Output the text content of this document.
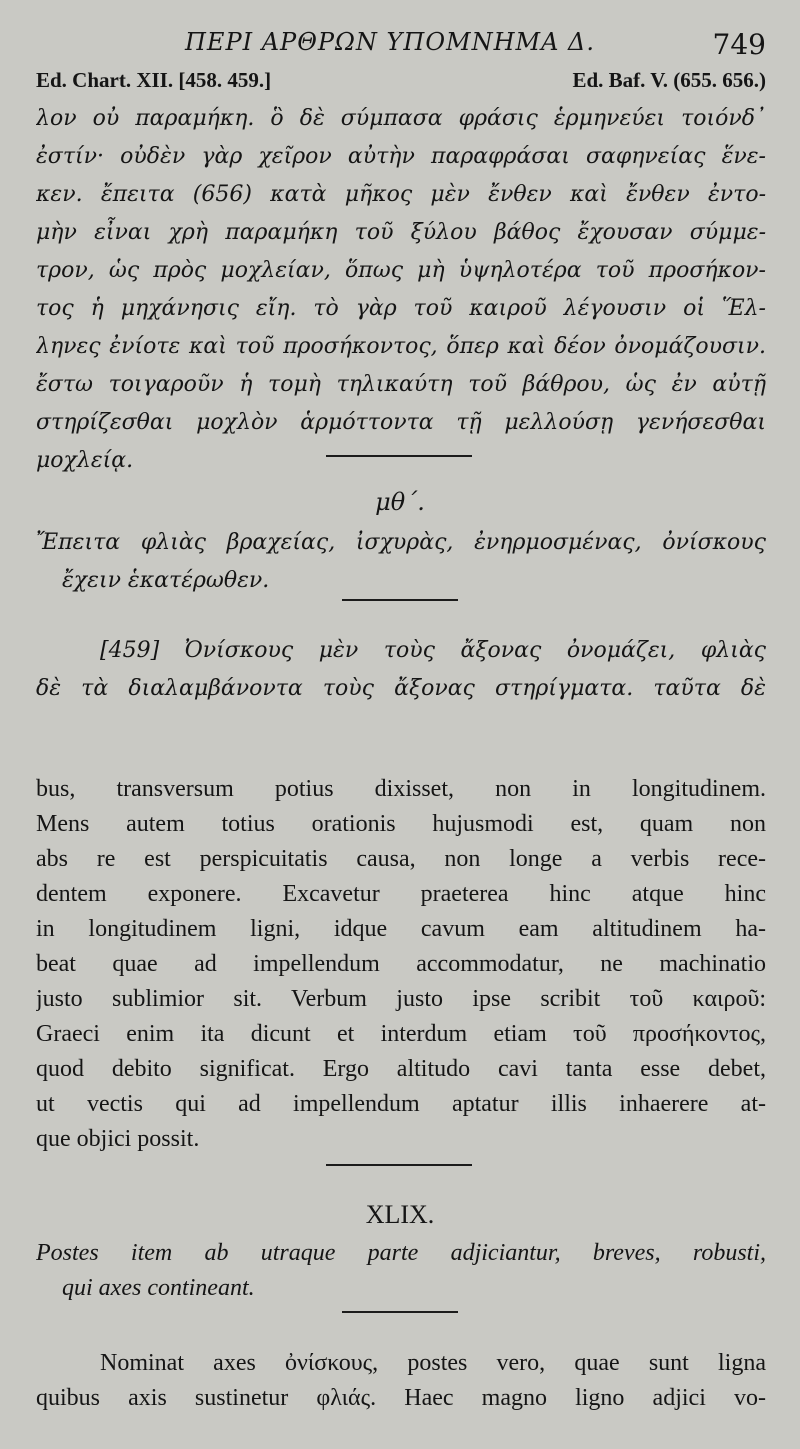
ΠΕΡΙ ΑΡΘΡΩΝ ΥΠΟΜΝΗΜΑ Δ.	749
Ed. Chart. XII. [458. 459.]	Ed. Baf. V. (655. 656.)
λον οὐ παραμήκη. ὃ δὲ σύμπασα φράσις ἑρμηνεύει τοιόνδ᾽
ἐστίν· οὐδὲν γὰρ χεῖρον αὐτὴν παραφράσαι σαφηνείας ἕνε-
κεν. ἔπειτα (656) κατὰ μῆκος μὲν ἔνθεν καὶ ἔνθεν ἐντο-
μὴν εἶναι χρὴ παραμήκη τοῦ ξύλου βάθος ἔχουσαν σύμμε-
τρον, ὡς πρὸς μοχλείαν, ὅπως μὴ ὑψηλοτέρα τοῦ προσήκον-
τος ἡ μηχάνησις εἴη. τὸ γὰρ τοῦ καιροῦ λέγουσιν οἱ Ἕλ-
ληνες ἐνίοτε καὶ τοῦ προσήκοντος, ὅπερ καὶ δέον ὀνομάζουσιν.
ἔστω τοιγαροῦν ἡ τομὴ τηλικαύτη τοῦ βάθρου, ὡς ἐν αὐτῇ
στηρίζεσθαι μοχλὸν ἁρμόττοντα τῇ μελλούσῃ γενήσεσθαι
μοχλείᾳ.
μθ΄.
Ἔπειτα φλιὰς βραχείας, ἰσχυρὰς, ἐνηρμοσμένας, ὀνίσκους
ἔχειν ἑκατέρωθεν.
[459] Ὀνίσκους μὲν τοὺς ἄξονας ὀνομάζει, φλιὰς
δὲ τὰ διαλαμβάνοντα τοὺς ἄξονας στηρίγματα. ταῦτα δὲ
bus, transversum potius dixisset, non in longitudinem.
Mens autem totius orationis hujusmodi est, quam non
abs re est perspicuitatis causa, non longe a verbis rece-
dentem exponere. Excavetur praeterea hinc atque hinc
in longitudinem ligni, idque cavum eam altitudinem ha-
beat quae ad impellendum accommodatur, ne machinatio
justo sublimior sit. Verbum justo ipse scribit τοῦ καιροῦ:
Graeci enim ita dicunt et interdum etiam τοῦ προσήκοντος,
quod debito significat. Ergo altitudo cavi tanta esse debet,
ut vectis qui ad impellendum aptatur illis inhaerere at-
que objici possit.
XLIX.
Postes item ab utraque parte adjiciantur, breves, robusti,
qui axes contineant.
Nominat axes ὀνίσκους, postes vero, quae sunt ligna
quibus axis sustinetur φλιάς. Haec magno ligno adjici vo-
